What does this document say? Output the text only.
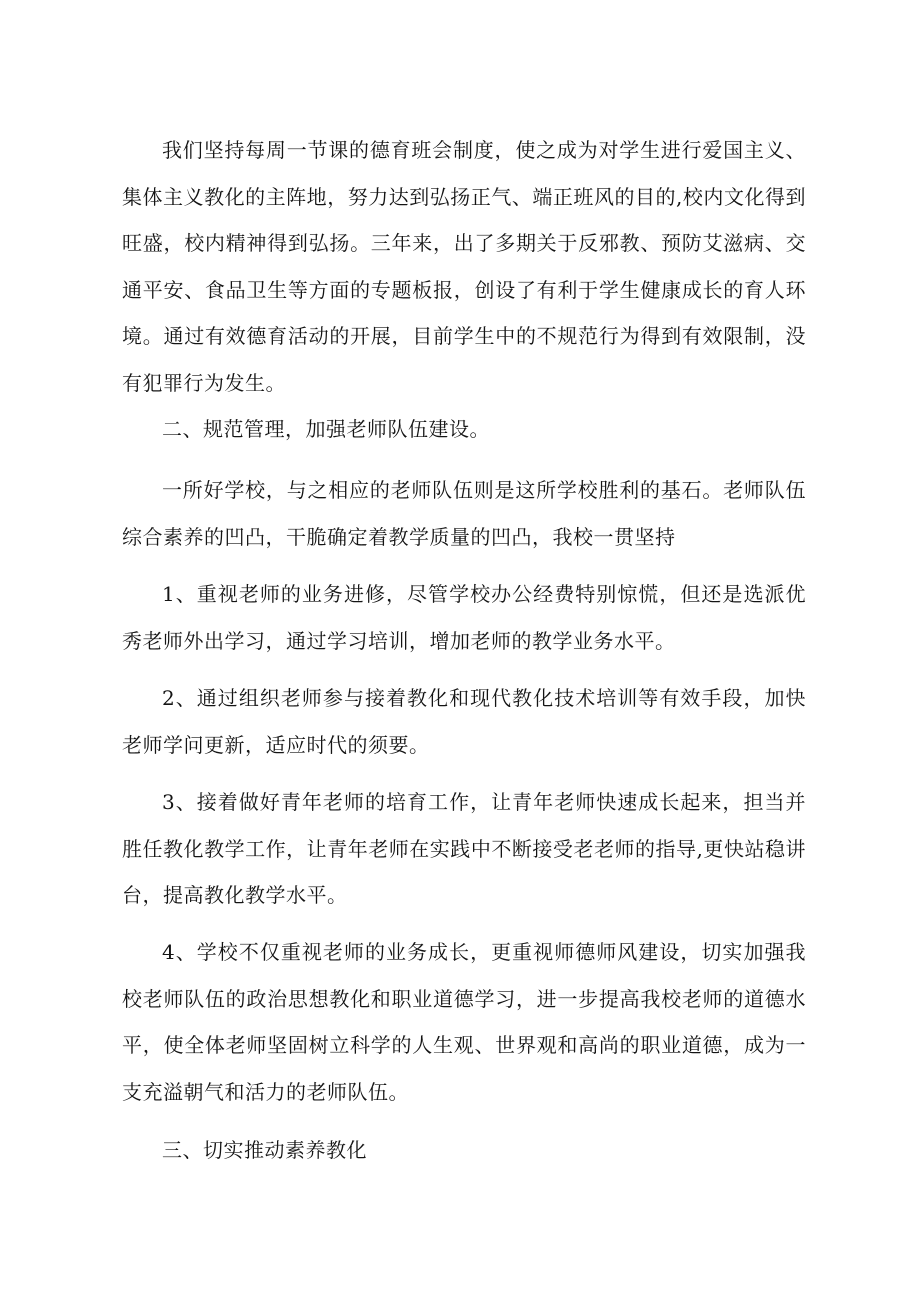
我们坚持每周一节课的德育班会制度，使之成为对学生进行爱国主义、集体主义教化的主阵地，努力达到弘扬正气、端正班风的目的,校内文化得到旺盛，校内精神得到弘扬。三年来，出了多期关于反邪教、预防艾滋病、交通平安、食品卫生等方面的专题板报，创设了有利于学生健康成长的育人环境。通过有效德育活动的开展，目前学生中的不规范行为得到有效限制，没有犯罪行为发生。

二、规范管理，加强老师队伍建设。

一所好学校，与之相应的老师队伍则是这所学校胜利的基石。老师队伍综合素养的凹凸，干脆确定着教学质量的凹凸，我校一贯坚持

1、重视老师的业务进修，尽管学校办公经费特别惊慌，但还是选派优秀老师外出学习，通过学习培训，增加老师的教学业务水平。

2、通过组织老师参与接着教化和现代教化技术培训等有效手段，加快老师学问更新，适应时代的须要。

3、接着做好青年老师的培育工作，让青年老师快速成长起来，担当并胜任教化教学工作，让青年老师在实践中不断接受老老师的指导,更快站稳讲台，提高教化教学水平。

4、学校不仅重视老师的业务成长，更重视师德师风建设，切实加强我校老师队伍的政治思想教化和职业道德学习，进一步提高我校老师的道德水平，使全体老师坚固树立科学的人生观、世界观和高尚的职业道德，成为一支充溢朝气和活力的老师队伍。

三、切实推动素养教化
